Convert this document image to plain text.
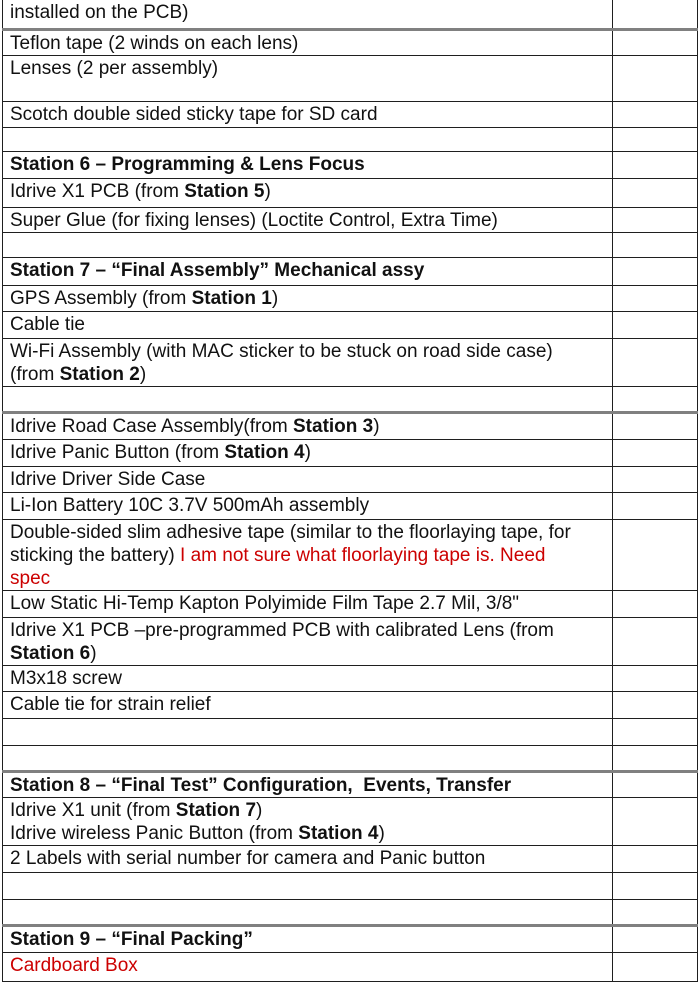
installed on the PCB)	

Teflon tape (2 winds on each lens)	

Lenses (2 per assembly)	

Scotch double sided sticky tape for SD card	

Station 6 – Programming & Lens Focus	

Idrive X1 PCB (from Station 5)	

Super Glue (for fixing lenses) (Loctite Control, Extra Time)	

Station 7 – “Final Assembly” Mechanical assy	

GPS Assembly (from Station 1)	

Cable tie	

Wi-Fi Assembly (with MAC sticker to be stuck on road side case)
(from Station 2)	

Idrive Road Case Assembly(from Station 3)	

Idrive Panic Button (from Station 4)	

Idrive Driver Side Case	

Li-Ion Battery 10C 3.7V 500mAh assembly	

Double-sided slim adhesive tape (similar to the floorlaying tape, for
sticking the battery) I am not sure what floorlaying tape is. Need
spec	

Low Static Hi-Temp Kapton Polyimide Film Tape 2.7 Mil, 3/8"	

Idrive X1 PCB –pre-programmed PCB with calibrated Lens (from
Station 6)	

M3x18 screw	

Cable tie for strain relief	

Station 8 – “Final Test” Configuration,  Events, Transfer	

Idrive X1 unit (from Station 7)
Idrive wireless Panic Button (from Station 4)	

2 Labels with serial number for camera and Panic button	

Station 9 – “Final Packing”	

Cardboard Box	
